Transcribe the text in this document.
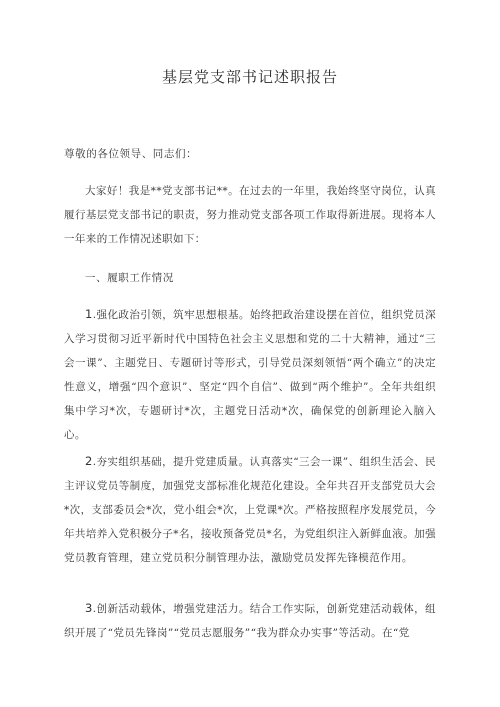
基层党支部书记述职报告
尊敬的各位领导、同志们：

大家好！我是**党支部书记**。在过去的一年里，我始终坚守岗位，认真履行基层党支部书记的职责，努力推动党支部各项工作取得新进展。现将本人一年来的工作情况述职如下：

一、履职工作情况

1.强化政治引领，筑牢思想根基。始终把政治建设摆在首位，组织党员深入学习贯彻习近平新时代中国特色社会主义思想和党的二十大精神，通过“三会一课”、主题党日、专题研讨等形式，引导党员深刻领悟“两个确立”的决定性意义，增强“四个意识”、坚定“四个自信”、做到“两个维护”。全年共组织集中学习*次，专题研讨*次，主题党日活动*次，确保党的创新理论入脑入心。

2.夯实组织基础，提升党建质量。认真落实“三会一课”、组织生活会、民主评议党员等制度，加强党支部标准化规范化建设。全年共召开支部党员大会*次，支部委员会*次，党小组会*次，上党课*次。严格按照程序发展党员，今年共培养入党积极分子*名，接收预备党员*名，为党组织注入新鲜血液。加强党员教育管理，建立党员积分制管理办法，激励党员发挥先锋模范作用。

3.创新活动载体，增强党建活力。结合工作实际，创新党建活动载体，组织开展了“党员先锋岗”“党员志愿服务”“我为群众办实事”等活动。在“党
